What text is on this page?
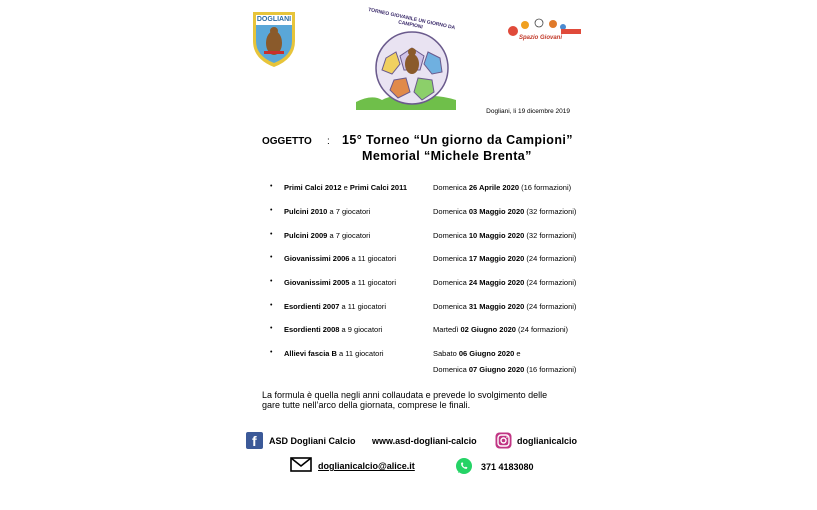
DOGLIANI	TORNEO GIOVANILE UN GIORNO DA CAMPIONI
Spazio Giovani
Dogliani, li 19 dicembre 2019
OGGETTO : 15° Torneo “Un giorno da Campioni”
Memorial “Michele Brenta”
• Primi Calci 2012 e Primi Calci 2011	Domenica 26 Aprile 2020 (16 formazioni)
• Pulcini 2010 a 7 giocatori	Domenica 03 Maggio 2020 (32 formazioni)
• Pulcini 2009 a 7 giocatori	Domenica 10 Maggio 2020 (32 formazioni)
• Giovanissimi 2006 a 11 giocatori	Domenica 17 Maggio 2020 (24 formazioni)
• Giovanissimi 2005 a 11 giocatori	Domenica 24 Maggio 2020 (24 formazioni)
• Esordienti 2007 a 11 giocatori	Domenica 31 Maggio 2020 (24 formazioni)
• Esordienti 2008 a 9 giocatori	Martedì 02 Giugno 2020 (24 formazioni)
• Allievi fascia B a 11 giocatori	Sabato 06 Giugno 2020 e
Domenica 07 Giugno 2020 (16 formazioni)
La formula è quella negli anni collaudata e prevede lo svolgimento delle gare tutte nell’arco della giornata, comprese le finali.
f ASD Dogliani Calcio www.asd-dogliani-calcio	doglianicalcio
doglianicalcio@alice.it	371 4183080
